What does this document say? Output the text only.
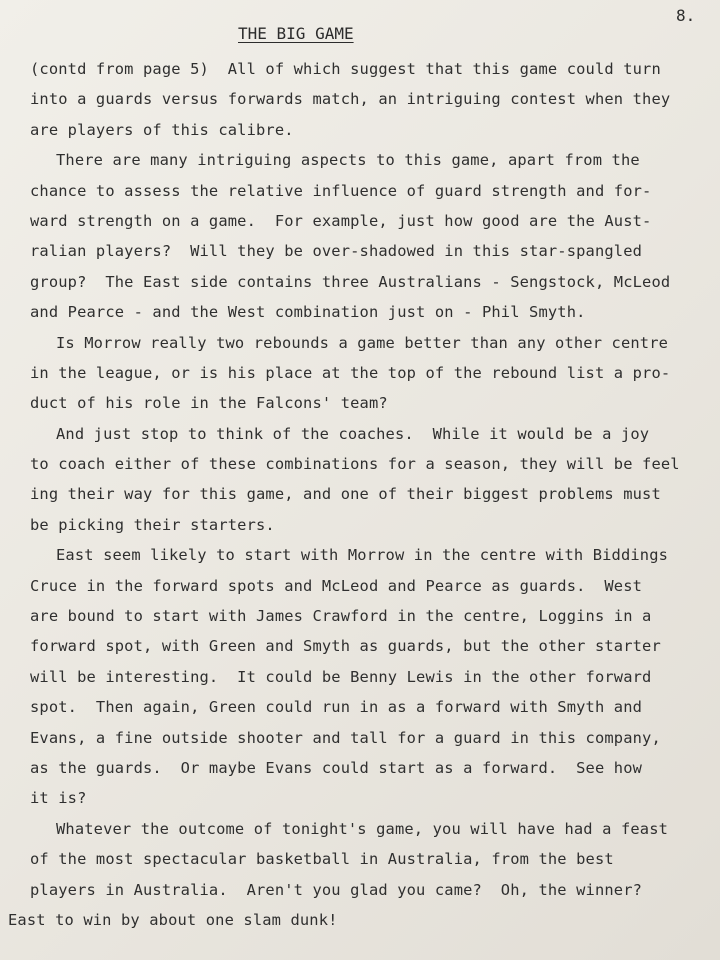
8.
THE BIG GAME
(contd from page 5)  All of which suggest that this game could turn
into a guards versus forwards match, an intriguing contest when they
are players of this calibre.
There are many intriguing aspects to this game, apart from the
chance to assess the relative influence of guard strength and for-
ward strength on a game.  For example, just how good are the Aust-
ralian players?  Will they be over-shadowed in this star-spangled
group?  The East side contains three Australians - Sengstock, McLeod
and Pearce - and the West combination just on - Phil Smyth.
Is Morrow really two rebounds a game better than any other centre
in the league, or is his place at the top of the rebound list a pro-
duct of his role in the Falcons' team?
And just stop to think of the coaches.  While it would be a joy
to coach either of these combinations for a season, they will be feel
ing their way for this game, and one of their biggest problems must
be picking their starters.
East seem likely to start with Morrow in the centre with Biddings
Cruce in the forward spots and McLeod and Pearce as guards.  West
are bound to start with James Crawford in the centre, Loggins in a
forward spot, with Green and Smyth as guards, but the other starter
will be interesting.  It could be Benny Lewis in the other forward
spot.  Then again, Green could run in as a forward with Smyth and
Evans, a fine outside shooter and tall for a guard in this company,
as the guards.  Or maybe Evans could start as a forward.  See how
it is?
Whatever the outcome of tonight's game, you will have had a feast
of the most spectacular basketball in Australia, from the best
players in Australia.  Aren't you glad you came?  Oh, the winner?
East to win by about one slam dunk!
